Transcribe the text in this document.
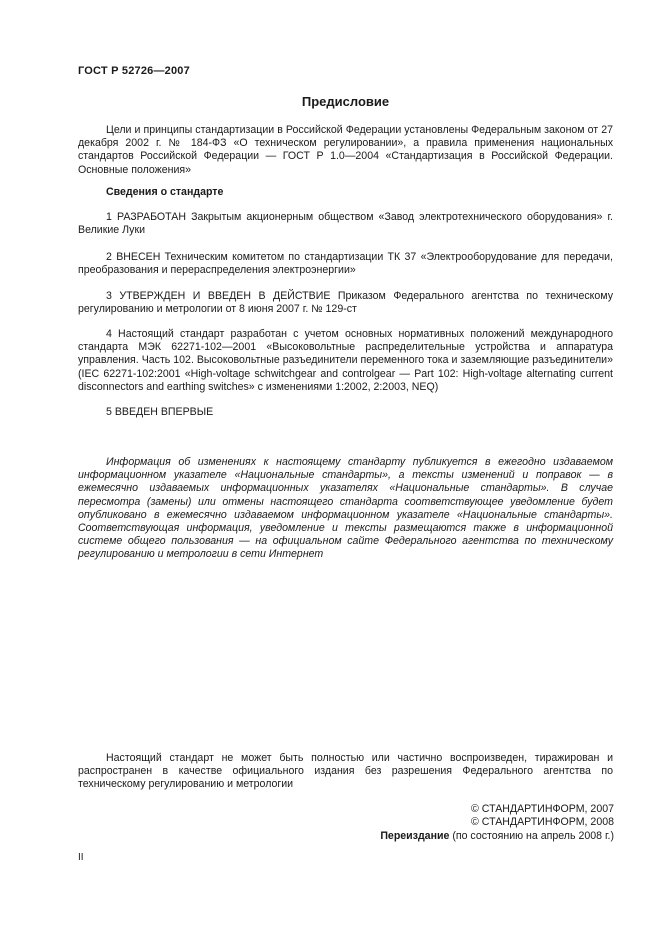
ГОСТ Р 52726—2007
Предисловие

Цели и принципы стандартизации в Российской Федерации установлены Федеральным законом от 27 декабря 2002 г. № 184-ФЗ «О техническом регулировании», а правила применения национальных стандартов Российской Федерации — ГОСТ Р 1.0—2004 «Стандартизация в Российской Федерации. Основные положения»

Сведения о стандарте

1 РАЗРАБОТАН Закрытым акционерным обществом «Завод электротехнического оборудования» г. Великие Луки

2 ВНЕСЕН Техническим комитетом по стандартизации ТК 37 «Электрооборудование для передачи, преобразования и перераспределения электроэнергии»

3 УТВЕРЖДЕН И ВВЕДЕН В ДЕЙСТВИЕ Приказом Федерального агентства по техническому регулированию и метрологии от 8 июня 2007 г. № 129-ст

4 Настоящий стандарт разработан с учетом основных нормативных положений международного стандарта МЭК 62271-102—2001 «Высоковольтные распределительные устройства и аппаратура управления. Часть 102. Высоковольтные разъединители переменного тока и заземляющие разъединители» (IEC 62271-102:2001 «High-voltage schwitchgear and controlgear — Part 102: High-voltage alternating current disconnectors and earthing switches» с изменениями 1:2002, 2:2003, NEQ)

5 ВВЕДЕН ВПЕРВЫЕ

Информация об изменениях к настоящему стандарту публикуется в ежегодно издаваемом информационном указателе «Национальные стандарты», а тексты изменений и поправок — в ежемесячно издаваемых информационных указателях «Национальные стандарты». В случае пересмотра (замены) или отмены настоящего стандарта соответствующее уведомление будет опубликовано в ежемесячно издаваемом информационном указателе «Национальные стандарты». Соответствующая информация, уведомление и тексты размещаются также в информационной системе общего пользования — на официальном сайте Федерального агентства по техническому регулированию и метрологии в сети Интернет

Настоящий стандарт не может быть полностью или частично воспроизведен, тиражирован и распространен в качестве официального издания без разрешения Федерального агентства по техническому регулированию и метрологии

© СТАНДАРТИНФОРМ, 2007
© СТАНДАРТИНФОРМ, 2008
Переиздание (по состоянию на апрель 2008 г.)
II
